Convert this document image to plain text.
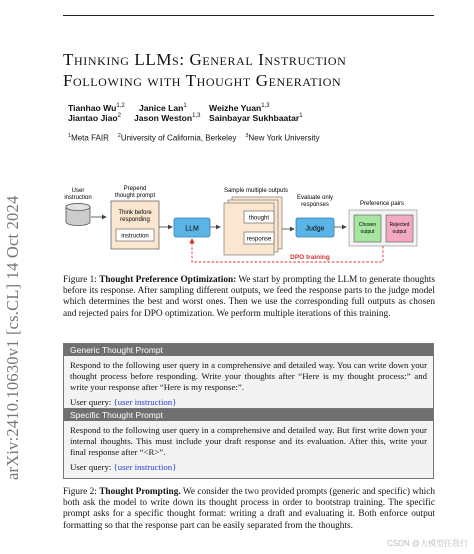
arXiv:2410.10630v1 [cs.CL] 14 Oct 2024
Thinking LLMs: General Instruction
Following with Thought Generation
Tianhao Wu$^{1,2}$ Janice Lan$^1$	Weizhe Yuan$^{1,3}$
Jiantao Jiao$^2$ Jason Weston$^{1,3}$ Sainbayar Sukhbaatar$^1$
$^1$Meta FAIR $^2$University of California, Berkeley $^3$New York University
User
instruction
Prepend
thought prompt
Think before
responding
instruction
LLM
Sample multiple outputs
thought
response
Evaluate only
responses
Judge
Preference pairs
Chosen
output
Rejected
output
DPO training
Figure 1: Thought Preference Optimization: We start by prompting the LLM to generate thoughts before its response. After sampling different outputs, we feed the response parts to the judge model which determines the best and worst ones. Then we use the corresponding full outputs as chosen and rejected pairs for DPO optimization. We perform multiple iterations of this training.
Generic Thought Prompt
Respond to the following user query in a comprehensive and detailed way. You can write down your thought process before responding. Write your thoughts after “Here is my thought process:” and write your response after “Here is my response:”.
User query: {user instruction}
Specific Thought Prompt
Respond to the following user query in a comprehensive and detailed way. But first write down your internal thoughts. This must include your draft response and its evaluation. After this, write your final response after “<R>”.
User query: {user instruction}
Figure 2: Thought Prompting. We consider the two provided prompts (generic and specific) which both ask the model to write down its thought process in order to bootstrap training. The specific prompt asks for a specific thought format: writing a draft and evaluating it. Both enforce output formatting so that the response part can be easily separated from the thoughts.
CSDN @大模型任我行
